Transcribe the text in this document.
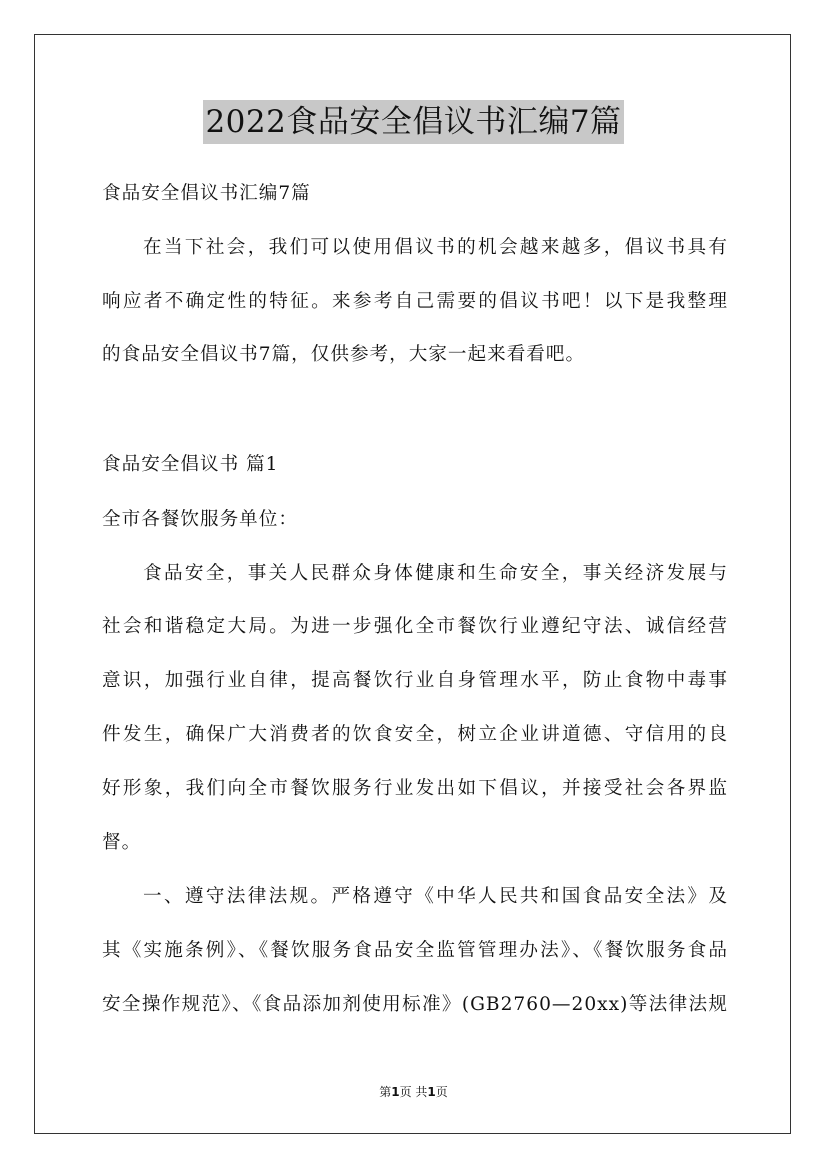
2022食品安全倡议书汇编7篇
食品安全倡议书汇编7篇
在当下社会，我们可以使用倡议书的机会越来越多，倡议书具有
响应者不确定性的特征。来参考自己需要的倡议书吧！以下是我整理
的食品安全倡议书7篇，仅供参考，大家一起来看看吧。
食品安全倡议书 篇1
全市各餐饮服务单位：
食品安全，事关人民群众身体健康和生命安全，事关经济发展与
社会和谐稳定大局。为进一步强化全市餐饮行业遵纪守法、诚信经营
意识，加强行业自律，提高餐饮行业自身管理水平，防止食物中毒事
件发生，确保广大消费者的饮食安全，树立企业讲道德、守信用的良
好形象，我们向全市餐饮服务行业发出如下倡议，并接受社会各界监
督。
一、遵守法律法规。严格遵守《中华人民共和国食品安全法》及
其《实施条例》、《餐饮服务食品安全监管管理办法》、《餐饮服务食品
安全操作规范》、《食品添加剂使用标准》(GB2760—20xx)等法律法规
第1页 共1页
